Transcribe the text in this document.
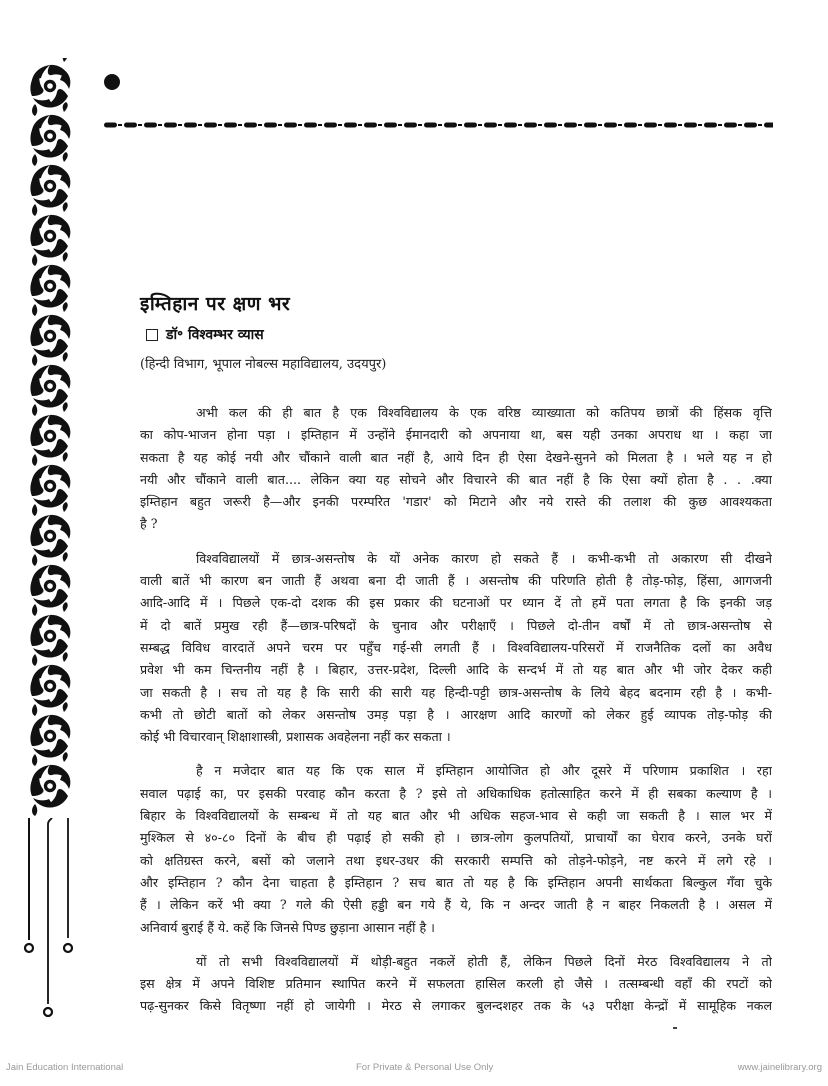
इम्तिहान पर क्षण भर
डॉ॰ विश्वम्भर व्यास
(हिन्दी विभाग, भूपाल नोबल्स महाविद्यालय, उदयपुर)
अभी कल की ही बात है एक विश्वविद्यालय के एक वरिष्ठ व्याख्याता को कतिपय छात्रों की हिंसक वृत्ति
का कोप-भाजन होना पड़ा । इम्तिहान में उन्होंने ईमानदारी को अपनाया था, बस यही उनका अपराध था । कहा जा
सकता है यह कोई नयी और चौंकाने वाली बात नहीं है, आये दिन ही ऐसा देखने-सुनने को मिलता है । भले यह न हो
नयी और चौंकाने वाली बात.... लेकिन क्या यह सोचने और विचारने की बात नहीं है कि ऐसा क्यों होता है . . .क्या
इम्तिहान बहुत जरूरी है—और इनकी परम्परित 'गडार' को मिटाने और नये रास्ते की तलाश की कुछ आवश्यकता
है ?
विश्वविद्यालयों में छात्र-असन्तोष के यों अनेक कारण हो सकते हैं । कभी-कभी तो अकारण सी दीखने
वाली बातें भी कारण बन जाती हैं अथवा बना दी जाती हैं । असन्तोष की परिणति होती है तोड़-फोड़, हिंसा, आगजनी
आदि-आदि में । पिछले एक-दो दशक की इस प्रकार की घटनाओं पर ध्यान दें तो हमें पता लगता है कि इनकी जड़
में दो बातें प्रमुख रही हैं—छात्र-परिषदों के चुनाव और परीक्षाएँ । पिछले दो-तीन वर्षों में तो छात्र-असन्तोष से
सम्बद्ध विविध वारदातें अपने चरम पर पहुँच गई-सी लगती हैं । विश्वविद्यालय-परिसरों में राजनैतिक दलों का अवैध
प्रवेश भी कम चिन्तनीय नहीं है । बिहार, उत्तर-प्रदेश, दिल्ली आदि के सन्दर्भ में तो यह बात और भी जोर देकर कही
जा सकती है । सच तो यह है कि सारी की सारी यह हिन्दी-पट्टी छात्र-असन्तोष के लिये बेहद बदनाम रही है । कभी-
कभी तो छोटी बातों को लेकर असन्तोष उमड़ पड़ा है । आरक्षण आदि कारणों को लेकर हुई व्यापक तोड़-फोड़ की
कोई भी विचारवान् शिक्षाशास्त्री, प्रशासक अवहेलना नहीं कर सकता ।
है न मजेदार बात यह कि एक साल में इम्तिहान आयोजित हो और दूसरे में परिणाम प्रकाशित । रहा
सवाल पढ़ाई का, पर इसकी परवाह कौन करता है ? इसे तो अधिकाधिक हतोत्साहित करने में ही सबका कल्याण है ।
बिहार के विश्वविद्यालयों के सम्बन्ध में तो यह बात और भी अधिक सहज-भाव से कही जा सकती है । साल भर में
मुश्किल से ४०-८० दिनों के बीच ही पढ़ाई हो सकी हो । छात्र-लोग कुलपतियों, प्राचार्यों का घेराव करने, उनके घरों
को क्षतिग्रस्त करने, बसों को जलाने तथा इधर-उधर की सरकारी सम्पत्ति को तोड़ने-फोड़ने, नष्ट करने में लगे रहे ।
और इम्तिहान ? कौन देना चाहता है इम्तिहान ? सच बात तो यह है कि इम्तिहान अपनी सार्थकता बिल्कुल गँवा चुके
हैं । लेकिन करें भी क्या ? गले की ऐसी हड्डी बन गये हैं ये, कि न अन्दर जाती है न बाहर निकलती है । असल में
अनिवार्य बुराई हैं ये. कहें कि जिनसे पिण्ड छुड़ाना आसान नहीं है ।
यों तो सभी विश्वविद्यालयों में थोड़ी-बहुत नकलें होती हैं, लेकिन पिछले दिनों मेरठ विश्वविद्यालय ने तो
इस क्षेत्र में अपने विशिष्ट प्रतिमान स्थापित करने में सफलता हासिल करली हो जैसे । तत्सम्बन्धी वहाँ की रपटों को
पढ़-सुनकर किसे वितृष्णा नहीं हो जायेगी । मेरठ से लगाकर बुलन्दशहर तक के ५३ परीक्षा केन्द्रों में सामूहिक नकल
Jain Education International	For Private & Personal Use Only	www.jainelibrary.org
